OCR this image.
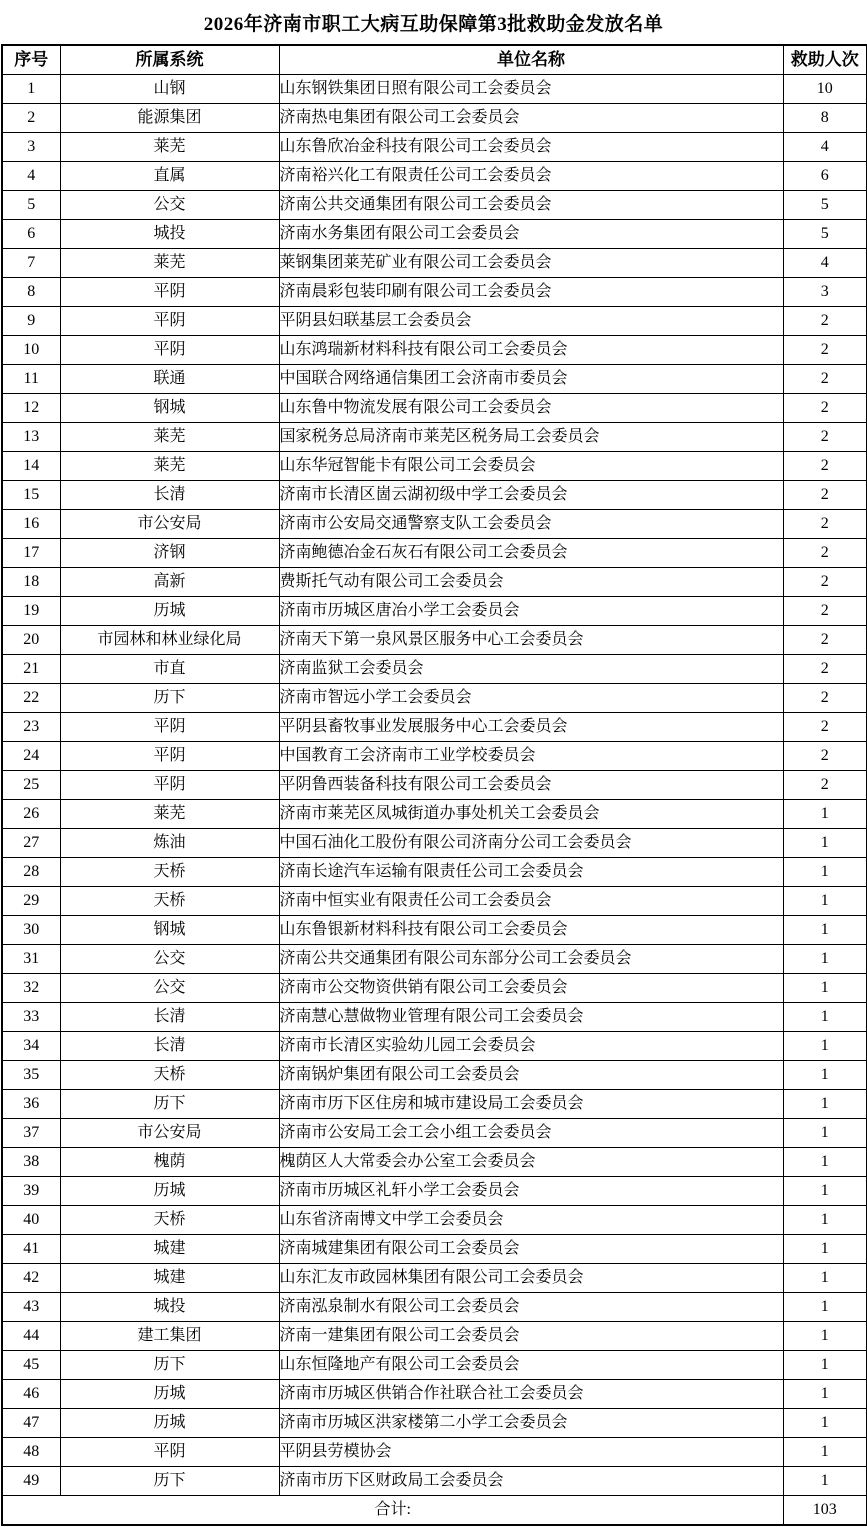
2026年济南市职工大病互助保障第3批救助金发放名单
序号	所属系统	单位名称	救助人次
1	山钢	山东钢铁集团日照有限公司工会委员会	10
2	能源集团	济南热电集团有限公司工会委员会	8
3	莱芜	山东鲁欣冶金科技有限公司工会委员会	4
4	直属	济南裕兴化工有限责任公司工会委员会	6
5	公交	济南公共交通集团有限公司工会委员会	5
6	城投	济南水务集团有限公司工会委员会	5
7	莱芜	莱钢集团莱芜矿业有限公司工会委员会	4
8	平阴	济南晨彩包装印刷有限公司工会委员会	3
9	平阴	平阴县妇联基层工会委员会	2
10	平阴	山东鸿瑞新材料科技有限公司工会委员会	2
11	联通	中国联合网络通信集团工会济南市委员会	2
12	钢城	山东鲁中物流发展有限公司工会委员会	2
13	莱芜	国家税务总局济南市莱芜区税务局工会委员会	2
14	莱芜	山东华冠智能卡有限公司工会委员会	2
15	长清	济南市长清区崮云湖初级中学工会委员会	2
16	市公安局	济南市公安局交通警察支队工会委员会	2
17	济钢	济南鲍德冶金石灰石有限公司工会委员会	2
18	高新	费斯托气动有限公司工会委员会	2
19	历城	济南市历城区唐冶小学工会委员会	2
20	市园林和林业绿化局	济南天下第一泉风景区服务中心工会委员会	2
21	市直	济南监狱工会委员会	2
22	历下	济南市智远小学工会委员会	2
23	平阴	平阴县畜牧事业发展服务中心工会委员会	2
24	平阴	中国教育工会济南市工业学校委员会	2
25	平阴	平阴鲁西装备科技有限公司工会委员会	2
26	莱芜	济南市莱芜区凤城街道办事处机关工会委员会	1
27	炼油	中国石油化工股份有限公司济南分公司工会委员会	1
28	天桥	济南长途汽车运输有限责任公司工会委员会	1
29	天桥	济南中恒实业有限责任公司工会委员会	1
30	钢城	山东鲁银新材料科技有限公司工会委员会	1
31	公交	济南公共交通集团有限公司东部分公司工会委员会	1
32	公交	济南市公交物资供销有限公司工会委员会	1
33	长清	济南慧心慧做物业管理有限公司工会委员会	1
34	长清	济南市长清区实验幼儿园工会委员会	1
35	天桥	济南锅炉集团有限公司工会委员会	1
36	历下	济南市历下区住房和城市建设局工会委员会	1
37	市公安局	济南市公安局工会工会小组工会委员会	1
38	槐荫	槐荫区人大常委会办公室工会委员会	1
39	历城	济南市历城区礼轩小学工会委员会	1
40	天桥	山东省济南博文中学工会委员会	1
41	城建	济南城建集团有限公司工会委员会	1
42	城建	山东汇友市政园林集团有限公司工会委员会	1
43	城投	济南泓泉制水有限公司工会委员会	1
44	建工集团	济南一建集团有限公司工会委员会	1
45	历下	山东恒隆地产有限公司工会委员会	1
46	历城	济南市历城区供销合作社联合社工会委员会	1
47	历城	济南市历城区洪家楼第二小学工会委员会	1
48	平阴	平阴县劳模协会	1
49	历下	济南市历下区财政局工会委员会	1
合计:			103
